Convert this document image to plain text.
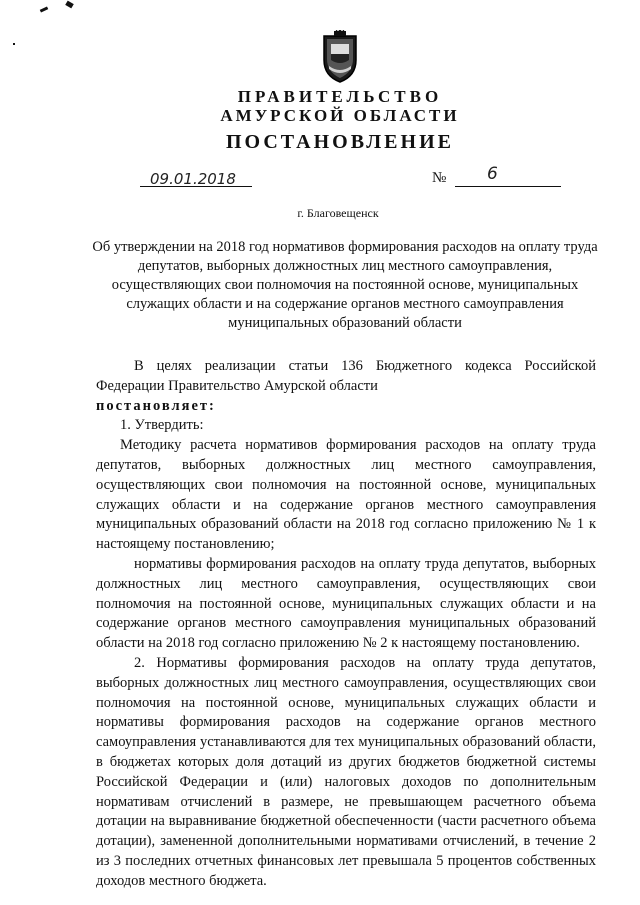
ПРАВИТЕЛЬСТВО
АМУРСКОЙ ОБЛАСТИ
ПОСТАНОВЛЕНИЕ
09.01.2018	№ 6
г. Благовещенск
Об утверждении на 2018 год нормативов формирования расходов на оплату труда депутатов, выборных должностных лиц местного самоуправления, осуществляющих свои полномочия на постоянной основе, муниципальных служащих области и на содержание органов местного самоуправления муниципальных образований области

В целях реализации статьи 136 Бюджетного кодекса Российской Федерации Правительство Амурской области

постановляет:

1. Утвердить:

Методику расчета нормативов формирования расходов на оплату труда депутатов, выборных должностных лиц местного самоуправления, осуществляющих свои полномочия на постоянной основе, муниципальных служащих области и на содержание органов местного самоуправления муниципальных образований области на 2018 год согласно приложению № 1 к настоящему постановлению;

нормативы формирования расходов на оплату труда депутатов, выборных должностных лиц местного самоуправления, осуществляющих свои полномочия на постоянной основе, муниципальных служащих области и на содержание органов местного самоуправления муниципальных образований области на 2018 год согласно приложению № 2 к настоящему постановлению.

2. Нормативы формирования расходов на оплату труда депутатов, выборных должностных лиц местного самоуправления, осуществляющих свои полномочия на постоянной основе, муниципальных служащих области и нормативы формирования расходов на содержание органов местного самоуправления устанавливаются для тех муниципальных образований области, в бюджетах которых доля дотаций из других бюджетов бюджетной системы Российской Федерации и (или) налоговых доходов по дополнительным нормативам отчислений в размере, не превышающем расчетного объема дотации на выравнивание бюджетной обеспеченности (части расчетного объема дотации), замененной дополнительными нормативами отчислений, в течение 2 из 3 последних отчетных финансовых лет превышала 5 процентов собственных доходов местного бюджета.
